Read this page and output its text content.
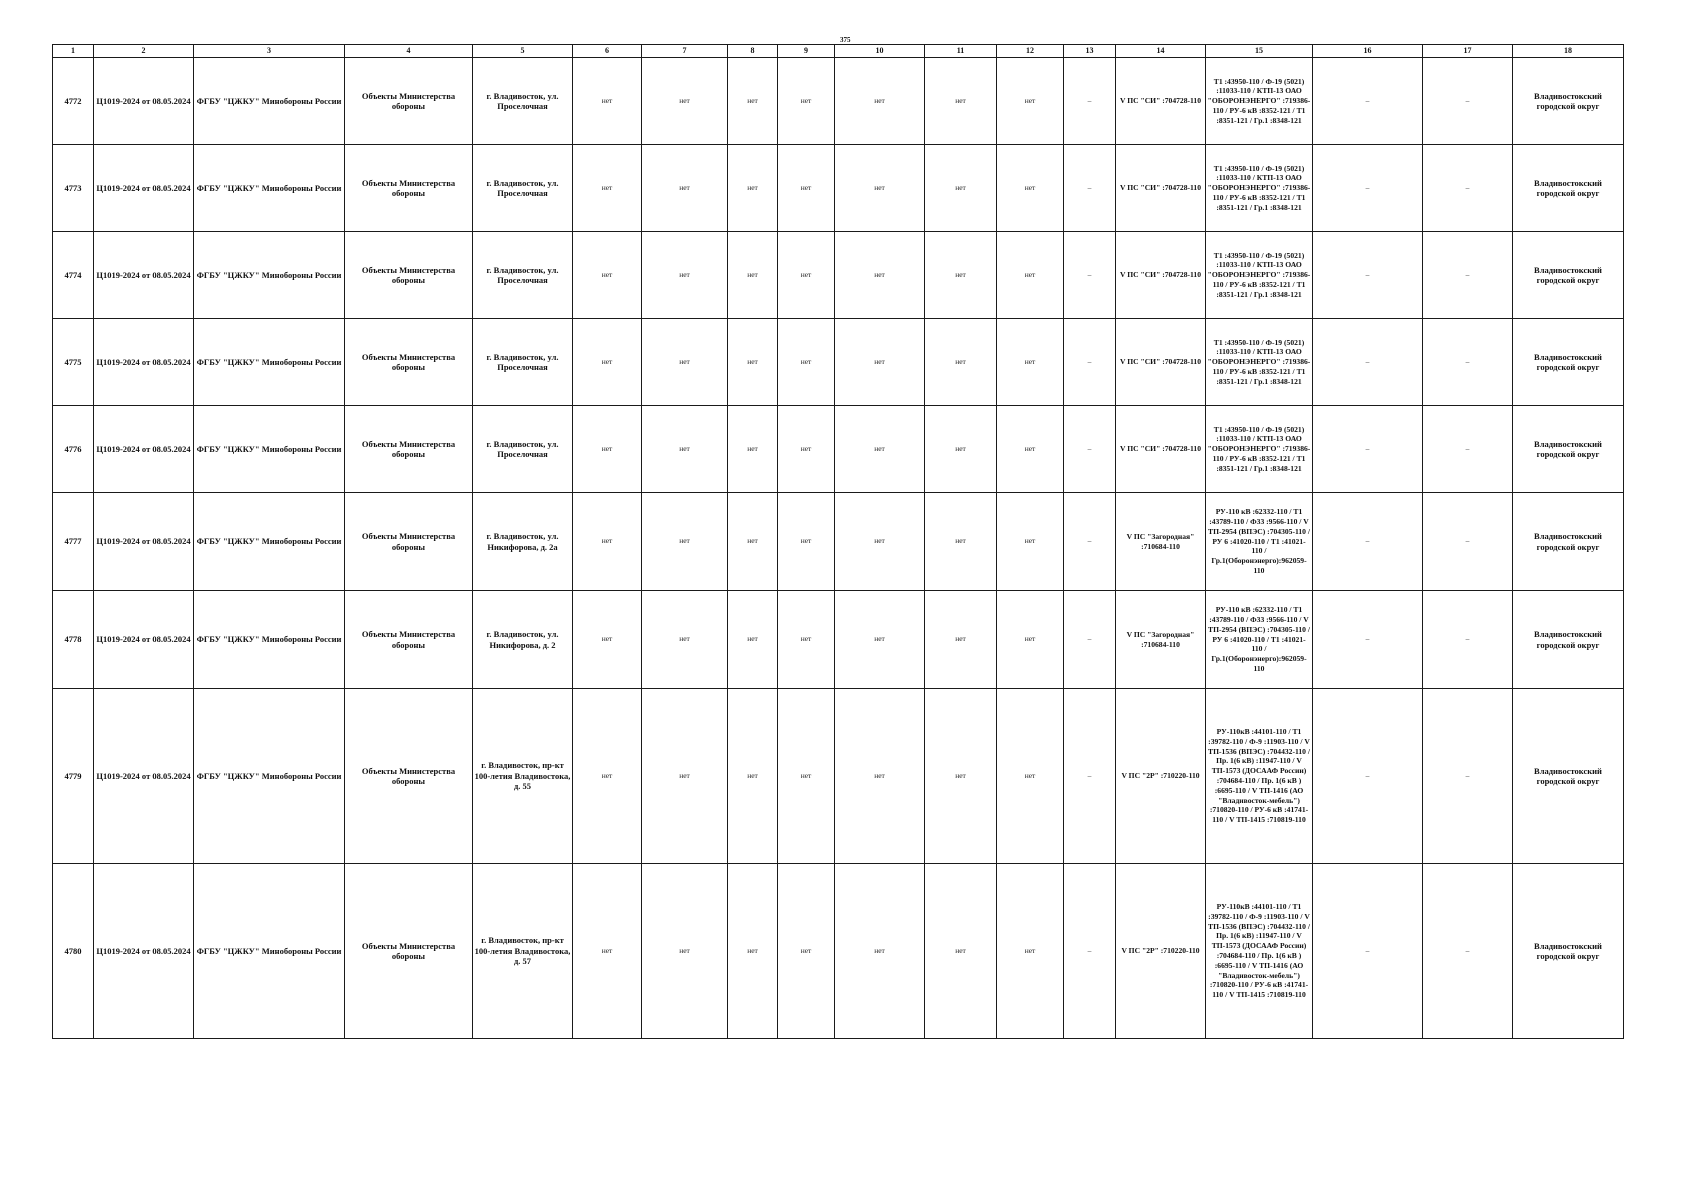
375
1	2	3	4	5	6	7	8	9	10	11	12	13	14	15	16	17	18
4772	Ц1019-2024 от 08.05.2024	ФГБУ "ЦЖКУ" Минобороны России	Объекты Министерства обороны	г. Владивосток, ул. Проселочная	нет	нет	нет	нет	нет	нет	нет	–	V ПС "СИ" :704728-110	Т1 :43950-110 / Ф-19 (5021) :11033-110 / КТП-13 ОАО "ОБОРОНЭНЕРГО" :719386-110 / РУ-6 кВ :8352-121 / Т1 :8351-121 / Гр.1 :8348-121	–	–	Владивостокский городской округ
4773	Ц1019-2024 от 08.05.2024	ФГБУ "ЦЖКУ" Минобороны России	Объекты Министерства обороны	г. Владивосток, ул. Проселочная	нет	нет	нет	нет	нет	нет	нет	–	V ПС "СИ" :704728-110	Т1 :43950-110 / Ф-19 (5021) :11033-110 / КТП-13 ОАО "ОБОРОНЭНЕРГО" :719386-110 / РУ-6 кВ :8352-121 / Т1 :8351-121 / Гр.1 :8348-121	–	–	Владивостокский городской округ
4774	Ц1019-2024 от 08.05.2024	ФГБУ "ЦЖКУ" Минобороны России	Объекты Министерства обороны	г. Владивосток, ул. Проселочная	нет	нет	нет	нет	нет	нет	нет	–	V ПС "СИ" :704728-110	Т1 :43950-110 / Ф-19 (5021) :11033-110 / КТП-13 ОАО "ОБОРОНЭНЕРГО" :719386-110 / РУ-6 кВ :8352-121 / Т1 :8351-121 / Гр.1 :8348-121	–	–	Владивостокский городской округ
4775	Ц1019-2024 от 08.05.2024	ФГБУ "ЦЖКУ" Минобороны России	Объекты Министерства обороны	г. Владивосток, ул. Проселочная	нет	нет	нет	нет	нет	нет	нет	–	V ПС "СИ" :704728-110	Т1 :43950-110 / Ф-19 (5021) :11033-110 / КТП-13 ОАО "ОБОРОНЭНЕРГО" :719386-110 / РУ-6 кВ :8352-121 / Т1 :8351-121 / Гр.1 :8348-121	–	–	Владивостокский городской округ
4776	Ц1019-2024 от 08.05.2024	ФГБУ "ЦЖКУ" Минобороны России	Объекты Министерства обороны	г. Владивосток, ул. Проселочная	нет	нет	нет	нет	нет	нет	нет	–	V ПС "СИ" :704728-110	Т1 :43950-110 / Ф-19 (5021) :11033-110 / КТП-13 ОАО "ОБОРОНЭНЕРГО" :719386-110 / РУ-6 кВ :8352-121 / Т1 :8351-121 / Гр.1 :8348-121	–	–	Владивостокский городской округ
4777	Ц1019-2024 от 08.05.2024	ФГБУ "ЦЖКУ" Минобороны России	Объекты Министерства обороны	г. Владивосток, ул. Никифорова, д. 2а	нет	нет	нет	нет	нет	нет	нет	–	V ПС "Загородная" :710684-110	РУ-110 кВ :62332-110 / Т1 :43789-110 / Ф33 :9566-110 / V ТП-2954 (ВПЭС) :704305-110 / РУ 6 :41020-110 / Т1 :41021-110 / Гр.1(Оборонэнерго):962059-110	–	–	Владивостокский городской округ
4778	Ц1019-2024 от 08.05.2024	ФГБУ "ЦЖКУ" Минобороны России	Объекты Министерства обороны	г. Владивосток, ул. Никифорова, д. 2	нет	нет	нет	нет	нет	нет	нет	–	V ПС "Загородная" :710684-110	РУ-110 кВ :62332-110 / Т1 :43789-110 / Ф33 :9566-110 / V ТП-2954 (ВПЭС) :704305-110 / РУ 6 :41020-110 / Т1 :41021-110 / Гр.1(Оборонэнерго):962059-110	–	–	Владивостокский городской округ
4779	Ц1019-2024 от 08.05.2024	ФГБУ "ЦЖКУ" Минобороны России	Объекты Министерства обороны	г. Владивосток, пр-кт 100-летия Владивостока, д. 55	нет	нет	нет	нет	нет	нет	нет	–	V ПС "2Р" :710220-110	РУ-110кВ :44101-110 / Т1 :39782-110 / Ф-9 :11903-110 / V ТП-1536 (ВПЭС) :704432-110 / Пр. 1(6 кВ) :11947-110 / V ТП-1573 (ДОСААФ России) :704684-110 / Пр. 1(6 кВ ) :6695-110 / V ТП-1416 (АО "Владивосток-мебель") :710820-110 / РУ-6 кВ :41741-110 / V ТП-1415 :710819-110	–	–	Владивостокский городской округ
4780	Ц1019-2024 от 08.05.2024	ФГБУ "ЦЖКУ" Минобороны России	Объекты Министерства обороны	г. Владивосток, пр-кт 100-летия Владивостока, д. 57	нет	нет	нет	нет	нет	нет	нет	–	V ПС "2Р" :710220-110	РУ-110кВ :44101-110 / Т1 :39782-110 / Ф-9 :11903-110 / V ТП-1536 (ВПЭС) :704432-110 / Пр. 1(6 кВ) :11947-110 / V ТП-1573 (ДОСААФ России) :704684-110 / Пр. 1(6 кВ ) :6695-110 / V ТП-1416 (АО "Владивосток-мебель") :710820-110 / РУ-6 кВ :41741-110 / V ТП-1415 :710819-110	–	–	Владивостокский городской округ
